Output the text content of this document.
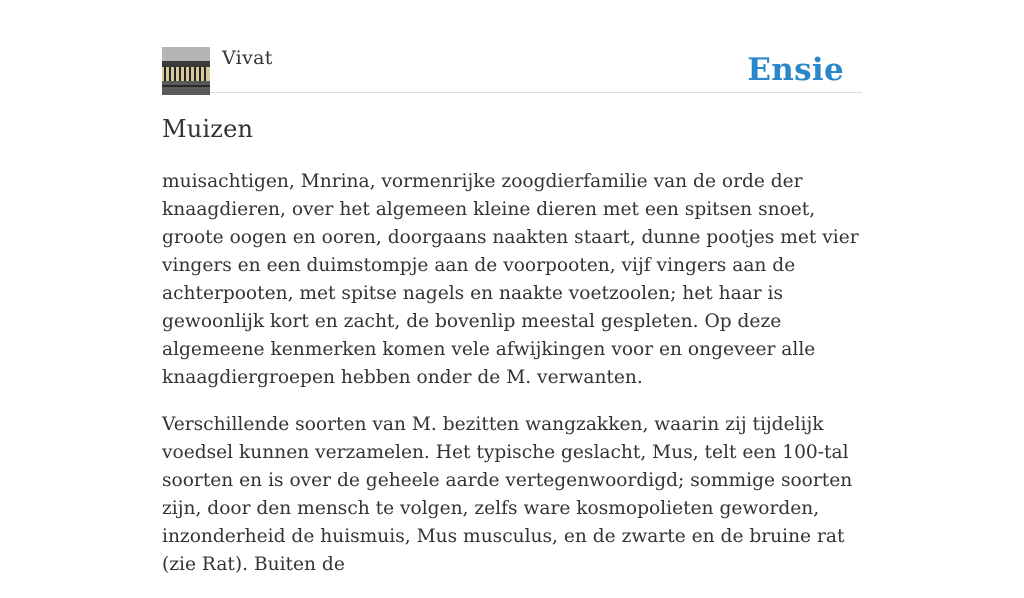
Vivat	Ensie
Muizen

muisachtigen, Mnrina, vormenrijke zoogdierfamilie van de orde der knaagdieren, over het algemeen kleine dieren met een spitsen snoet, groote oogen en ooren, doorgaans naakten staart, dunne pootjes met vier vingers en een duimstompje aan de voorpooten, vijf vingers aan de achterpooten, met spitse nagels en naakte voetzoolen; het haar is gewoonlijk kort en zacht, de bovenlip meestal gespleten. Op deze algemeene kenmerken komen vele afwijkingen voor en ongeveer alle knaagdiergroepen hebben onder de M. verwanten.

Verschillende soorten van M. bezitten wangzakken, waarin zij tijdelijk voedsel kunnen verzamelen. Het typische geslacht, Mus, telt een 100-tal soorten en is over de geheele aarde vertegenwoordigd; sommige soorten zijn, door den mensch te volgen, zelfs ware kosmopolieten geworden, inzonderheid de huismuis, Mus musculus, en de zwarte en de bruine rat (zie Rat). Buiten de
